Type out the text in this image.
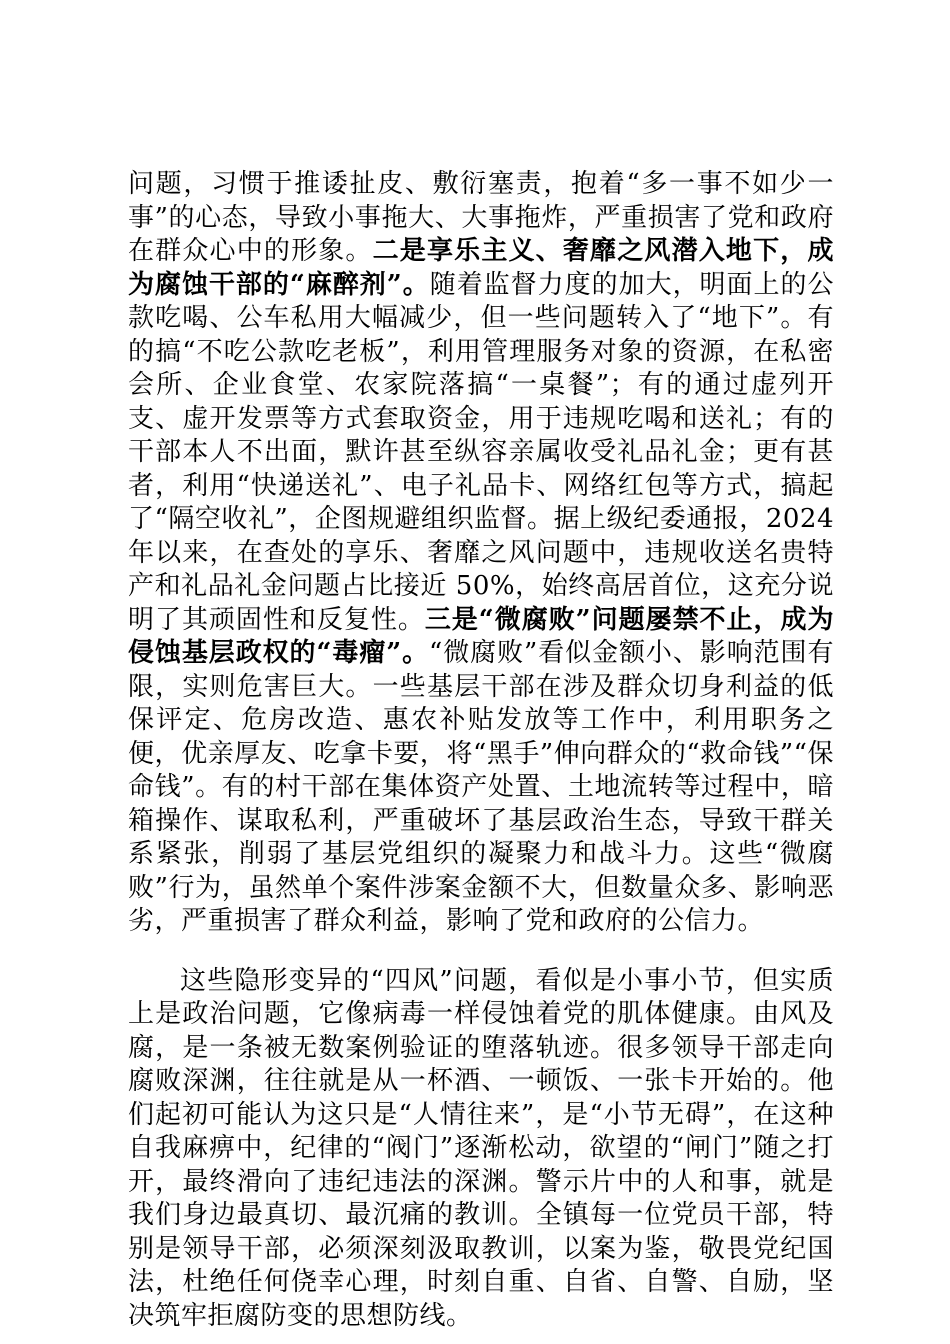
问题，习惯于推诿扯皮、敷衍塞责，抱着“多一事不如少一事”的心态，导致小事拖大、大事拖炸，严重损害了党和政府在群众心中的形象。二是享乐主义、奢靡之风潜入地下，成为腐蚀干部的“麻醉剂”。随着监督力度的加大，明面上的公款吃喝、公车私用大幅减少，但一些问题转入了“地下”。有的搞“不吃公款吃老板”，利用管理服务对象的资源，在私密会所、企业食堂、农家院落搞“一桌餐”；有的通过虚列开支、虚开发票等方式套取资金，用于违规吃喝和送礼；有的干部本人不出面，默许甚至纵容亲属收受礼品礼金；更有甚者，利用“快递送礼”、电子礼品卡、网络红包等方式，搞起了“隔空收礼”，企图规避组织监督。据上级纪委通报，2024 年以来，在查处的享乐、奢靡之风问题中，违规收送名贵特产和礼品礼金问题占比接近 50%，始终高居首位，这充分说明了其顽固性和反复性。三是“微腐败”问题屡禁不止，成为侵蚀基层政权的“毒瘤”。“微腐败”看似金额小、影响范围有限，实则危害巨大。一些基层干部在涉及群众切身利益的低保评定、危房改造、惠农补贴发放等工作中，利用职务之便，优亲厚友、吃拿卡要，将“黑手”伸向群众的“救命钱”“保命钱”。有的村干部在集体资产处置、土地流转等过程中，暗箱操作、谋取私利，严重破坏了基层政治生态，导致干群关系紧张，削弱了基层党组织的凝聚力和战斗力。这些“微腐败”行为，虽然单个案件涉案金额不大，但数量众多、影响恶劣，严重损害了群众利益，影响了党和政府的公信力。

这些隐形变异的“四风”问题，看似是小事小节，但实质上是政治问题，它像病毒一样侵蚀着党的肌体健康。由风及腐，是一条被无数案例验证的堕落轨迹。很多领导干部走向腐败深渊，往往就是从一杯酒、一顿饭、一张卡开始的。他们起初可能认为这只是“人情往来”，是“小节无碍”，在这种自我麻痹中，纪律的“阀门”逐渐松动，欲望的“闸门”随之打开，最终滑向了违纪违法的深渊。警示片中的人和事，就是我们身边最真切、最沉痛的教训。全镇每一位党员干部，特别是领导干部，必须深刻汲取教训，以案为鉴，敬畏党纪国法，杜绝任何侥幸心理，时刻自重、自省、自警、自励，坚决筑牢拒腐防变的思想防线。
